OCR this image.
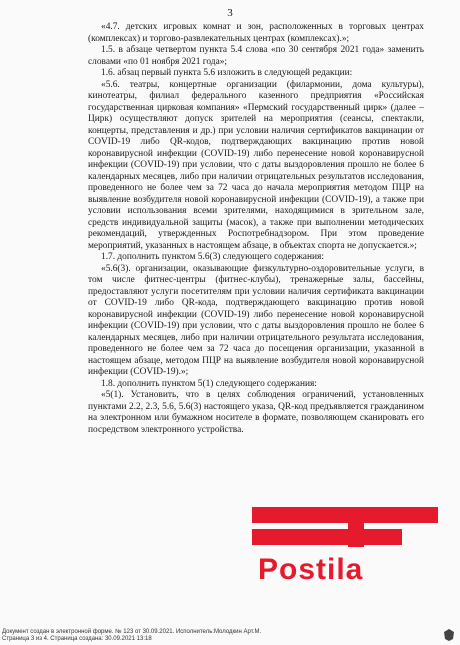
3

«4.7. детских игровых комнат и зон, расположенных в торговых центрах (комплексах) и торгово-развлекательных центрах (комплексах).»;

1.5. в абзаце четвертом пункта 5.4 слова «по 30 сентября 2021 года» заменить словами «по 01 ноября 2021 года»;

1.6. абзац первый пункта 5.6 изложить в следующей редакции:

«5.6. театры, концертные организации (филармонии, дома культуры), кинотеатры, филиал федерального казенного предприятия «Российская государственная цирковая компания» «Пермский государственный цирк» (далее – Цирк) осуществляют допуск зрителей на мероприятия (сеансы, спектакли, концерты, представления и др.) при условии наличия сертификатов вакцинации от COVID-19 либо QR-кодов, подтверждающих вакцинацию против новой коронавирусной инфекции (COVID-19) либо перенесение новой коронавирусной инфекции (COVID-19) при условии, что с даты выздоровления прошло не более 6 календарных месяцев, либо при наличии отрицательных результатов исследования, проведенного не более чем за 72 часа до начала мероприятия методом ПЦР на выявление возбудителя новой коронавирусной инфекции (COVID-19), а также при условии использования всеми зрителями, находящимися в зрительном зале, средств индивидуальной защиты (масок), а также при выполнении методических рекомендаций, утвержденных Роспотребнадзором. При этом проведение мероприятий, указанных в настоящем абзаце, в объектах спорта не допускается.»;

1.7. дополнить пунктом 5.6(3) следующего содержания:

«5.6(3). организации, оказывающие физкультурно-оздоровительные услуги, в том числе фитнес-центры (фитнес-клубы), тренажерные залы, бассейны, предоставляют услуги посетителям при условии наличия сертификата вакцинации от COVID-19 либо QR-кода, подтверждающего вакцинацию против новой коронавирусной инфекции (COVID-19) либо перенесение новой коронавирусной инфекции (COVID-19) при условии, что с даты выздоровления прошло не более 6 календарных месяцев, либо при наличии отрицательного результата исследования, проведенного не более чем за 72 часа до посещения организации, указанной в настоящем абзаце, методом ПЦР на выявление возбудителя новой коронавирусной инфекции (COVID-19).»;

1.8. дополнить пунктом 5(1) следующего содержания:

«5(1). Установить, что в целях соблюдения ограничений, установленных пунктами 2.2, 2.3, 5.6, 5.6(3) настоящего указа, QR-код предъявляется гражданином на электронном или бумажном носителе в формате, позволяющем сканировать его посредством электронного устройства.

Postila
Документ создан в электронной форме. № 123 от 30.09.2021. Исполнитель:Молодкин Арт.М.
Страница 3 из 4. Страница создана: 30.09.2021 13:18
